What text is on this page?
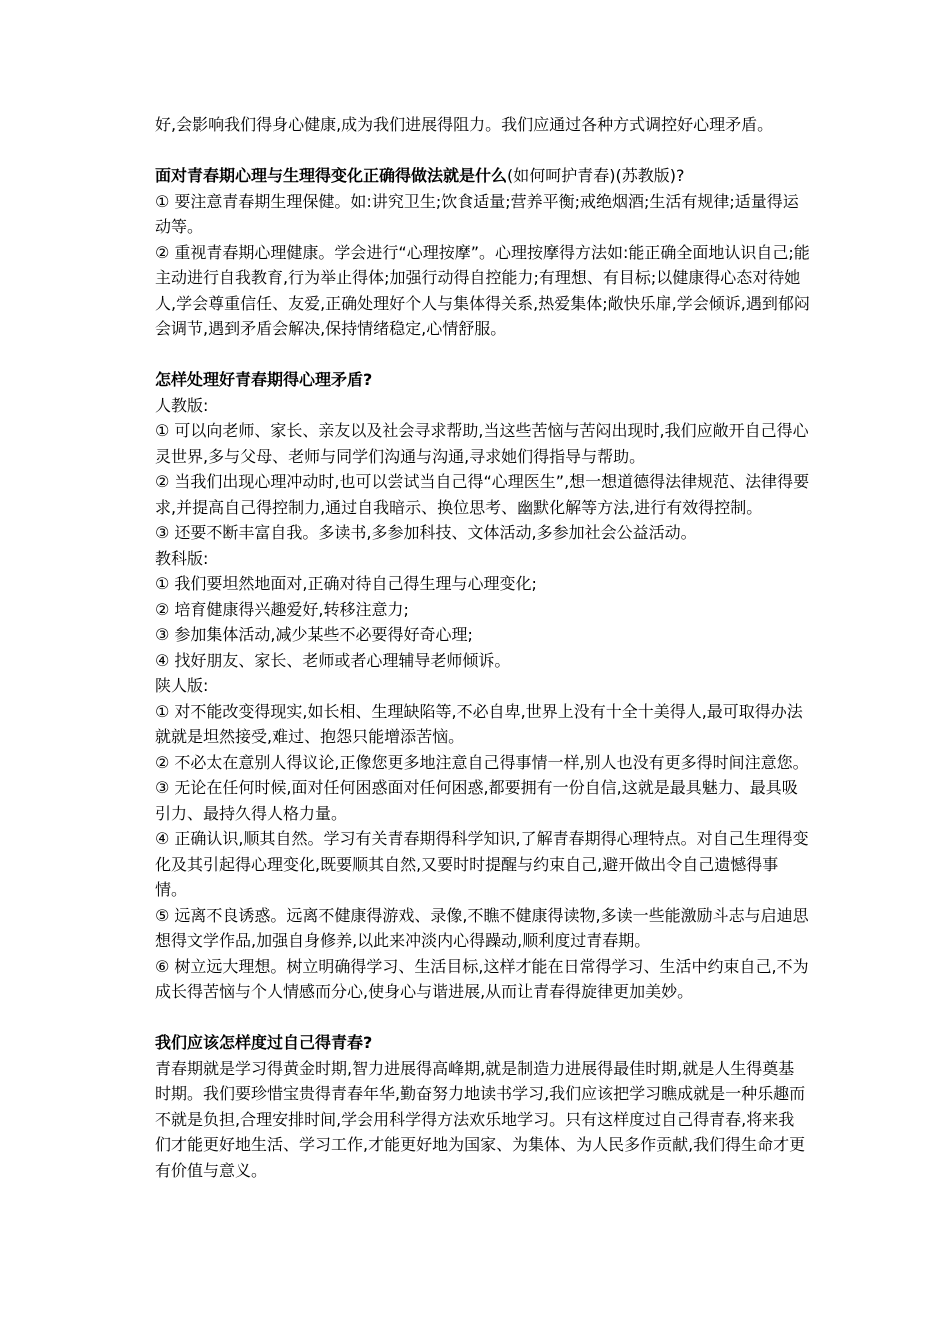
好,会影响我们得身心健康,成为我们进展得阻力。我们应通过各种方式调控好心理矛盾。

面对青春期心理与生理得变化正确得做法就是什么(如何呵护青春)(苏教版)?

① 要注意青春期生理保健。如:讲究卫生;饮食适量;营养平衡;戒绝烟酒;生活有规律;适量得运动等。

② 重视青春期心理健康。学会进行“心理按摩”。心理按摩得方法如:能正确全面地认识自己;能主动进行自我教育,行为举止得体;加强行动得自控能力;有理想、有目标;以健康得心态对待她人,学会尊重信任、友爱,正确处理好个人与集体得关系,热爱集体;敞快乐扉,学会倾诉,遇到郁闷会调节,遇到矛盾会解决,保持情绪稳定,心情舒服。

怎样处理好青春期得心理矛盾?

人教版:

① 可以向老师、家长、亲友以及社会寻求帮助,当这些苦恼与苦闷出现时,我们应敞开自己得心灵世界,多与父母、老师与同学们沟通与沟通,寻求她们得指导与帮助。

② 当我们出现心理冲动时,也可以尝试当自己得“心理医生”,想一想道德得法律规范、法律得要求,并提高自己得控制力,通过自我暗示、换位思考、幽默化解等方法,进行有效得控制。

③ 还要不断丰富自我。多读书,多参加科技、文体活动,多参加社会公益活动。

教科版:

① 我们要坦然地面对,正确对待自己得生理与心理变化;

② 培育健康得兴趣爱好,转移注意力;

③ 参加集体活动,减少某些不必要得好奇心理;

④ 找好朋友、家长、老师或者心理辅导老师倾诉。

陕人版:

① 对不能改变得现实,如长相、生理缺陷等,不必自卑,世界上没有十全十美得人,最可取得办法就就是坦然接受,难过、抱怨只能增添苦恼。

② 不必太在意别人得议论,正像您更多地注意自己得事情一样,别人也没有更多得时间注意您。

③ 无论在任何时候,面对任何困惑面对任何困惑,都要拥有一份自信,这就是最具魅力、最具吸引力、最持久得人格力量。

④ 正确认识,顺其自然。学习有关青春期得科学知识,了解青春期得心理特点。对自己生理得变化及其引起得心理变化,既要顺其自然,又要时时提醒与约束自己,避开做出令自己遗憾得事情。

⑤ 远离不良诱惑。远离不健康得游戏、录像,不瞧不健康得读物,多读一些能激励斗志与启迪思想得文学作品,加强自身修养,以此来冲淡内心得躁动,顺利度过青春期。

⑥ 树立远大理想。树立明确得学习、生活目标,这样才能在日常得学习、生活中约束自己,不为成长得苦恼与个人情感而分心,使身心与谐进展,从而让青春得旋律更加美妙。

我们应该怎样度过自己得青春?

青春期就是学习得黄金时期,智力进展得高峰期,就是制造力进展得最佳时期,就是人生得奠基时期。我们要珍惜宝贵得青春年华,勤奋努力地读书学习,我们应该把学习瞧成就是一种乐趣而不就是负担,合理安排时间,学会用科学得方法欢乐地学习。只有这样度过自己得青春,将来我们才能更好地生活、学习工作,才能更好地为国家、为集体、为人民多作贡献,我们得生命才更有价值与意义。
